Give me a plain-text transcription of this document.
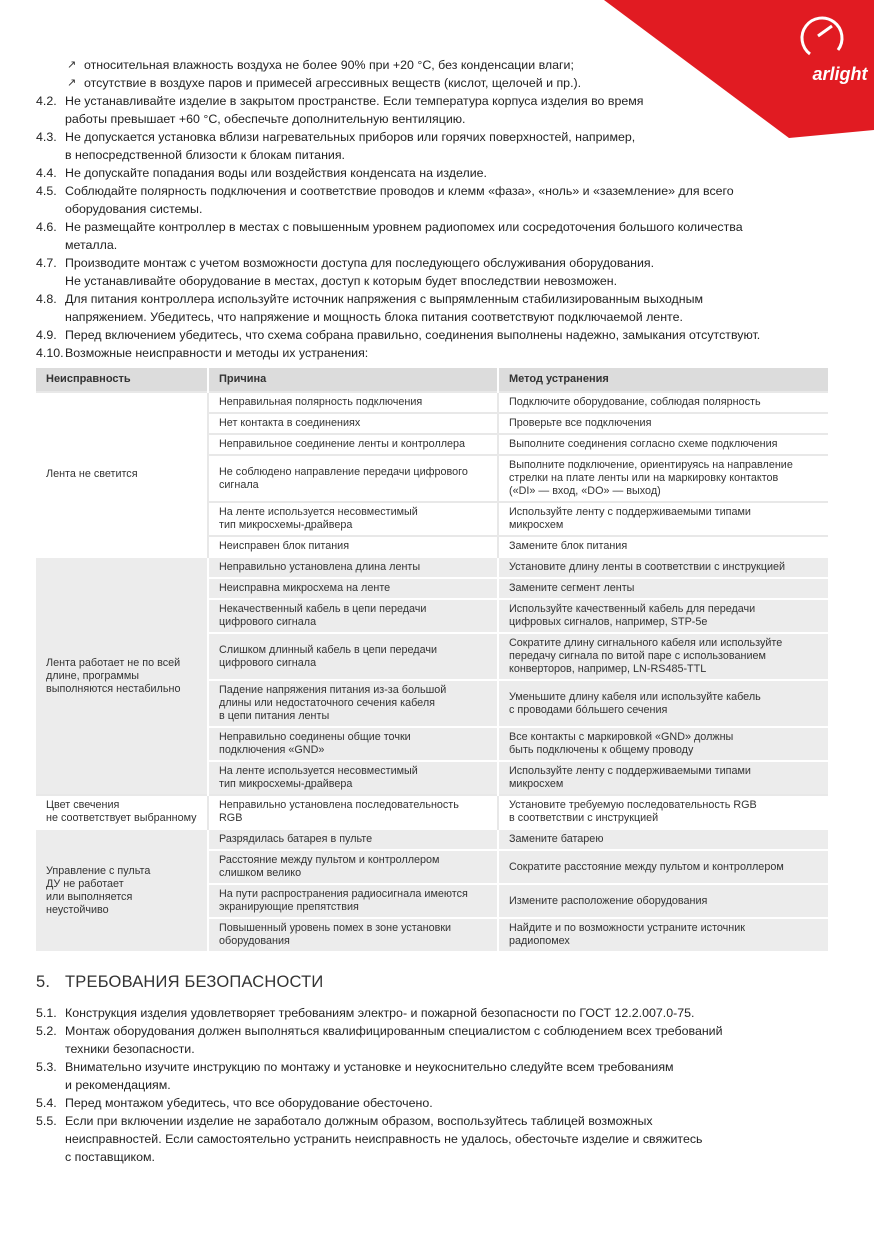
arlight
↗ относительная влажность воздуха не более 90% при +20 °C, без конденсации влаги;
↗ отсутствие в воздухе паров и примесей агрессивных веществ (кислот, щелочей и пр.).
4.2. Не устанавливайте изделие в закрытом пространстве. Если температура корпуса изделия во время
работы превышает +60 °C, обеспечьте дополнительную вентиляцию.
4.3. Не допускается установка вблизи нагревательных приборов или горячих поверхностей, например,
в непосредственной близости к блокам питания.
4.4. Не допускайте попадания воды или воздействия конденсата на изделие.
4.5. Соблюдайте полярность подключения и соответствие проводов и клемм «фаза», «ноль» и «заземление» для всего
оборудования системы.
4.6. Не размещайте контроллер в местах с повышенным уровнем радиопомех или сосредоточения большого количества
металла.
4.7. Производите монтаж с учетом возможности доступа для последующего обслуживания оборудования.
Не устанавливайте оборудование в местах, доступ к которым будет впоследствии невозможен.
4.8. Для питания контроллера используйте источник напряжения с выпрямленным стабилизированным выходным
напряжением. Убедитесь, что напряжение и мощность блока питания соответствуют подключаемой ленте.
4.9. Перед включением убедитесь, что схема собрана правильно, соединения выполнены надежно, замыкания отсутствуют.
4.10. Возможные неисправности и методы их устранения:
Неисправность	Причина	Метод устранения

Лента не светится	Неправильная полярность подключения	Подключите оборудование, соблюдая полярность

	Нет контакта в соединениях	Проверьте все подключения

	Неправильное соединение ленты и контроллера	Выполните соединения согласно схеме подключения

	Не соблюдено направление передачи цифрового
сигнала	Выполните подключение, ориентируясь на направление
стрелки на плате ленты или на маркировку контактов
(«DI» — вход, «DO» — выход)

	На ленте используется несовместимый
тип микросхемы-драйвера	Используйте ленту с поддерживаемыми типами
микросхем

	Неисправен блок питания	Замените блок питания

Лента работает не по всей
длине, программы
выполняются нестабильно	Неправильно установлена длина ленты	Установите длину ленты в соответствии с инструкцией

	Неисправна микросхема на ленте	Замените сегмент ленты

	Некачественный кабель в цепи передачи
цифрового сигнала	Используйте качественный кабель для передачи
цифровых сигналов, например, STP-5e

	Слишком длинный кабель в цепи передачи
цифрового сигнала	Сократите длину сигнального кабеля или используйте
передачу сигнала по витой паре с использованием
конверторов, например, LN-RS485-TTL

	Падение напряжения питания из-за большой
длины или недостаточного сечения кабеля
в цепи питания ленты	Уменьшите длину кабеля или используйте кабель
с проводами бо́льшего сечения

	Неправильно соединены общие точки
подключения «GND»	Все контакты с маркировкой «GND» должны
быть подключены к общему проводу

	На ленте используется несовместимый
тип микросхемы-драйвера	Используйте ленту с поддерживаемыми типами
микросхем

Цвет свечения
не соответствует выбранному	Неправильно установлена последовательность
RGB	Установите требуемую последовательность RGB
в соответствии с инструкцией

Управление с пульта
ДУ не работает
или выполняется
неустойчиво	Разрядилась батарея в пульте	Замените батарею

	Расстояние между пультом и контроллером
слишком велико	Сократите расстояние между пультом и контроллером

	На пути распространения радиосигнала имеются
экранирующие препятствия	Измените расположение оборудования

	Повышенный уровень помех в зоне установки
оборудования	Найдите и по возможности устраните источник
радиопомех
5. ТРЕБОВАНИЯ БЕЗОПАСНОСТИ
5.1. Конструкция изделия удовлетворяет требованиям электро- и пожарной безопасности по ГОСТ 12.2.007.0-75.
5.2. Монтаж оборудования должен выполняться квалифицированным специалистом с соблюдением всех требований
техники безопасности.
5.3. Внимательно изучите инструкцию по монтажу и установке и неукоснительно следуйте всем требованиям
и рекомендациям.
5.4. Перед монтажом убедитесь, что все оборудование обесточено.
5.5. Если при включении изделие не заработало должным образом, воспользуйтесь таблицей возможных
неисправностей. Если самостоятельно устранить неисправность не удалось, обесточьте изделие и свяжитесь
с поставщиком.
